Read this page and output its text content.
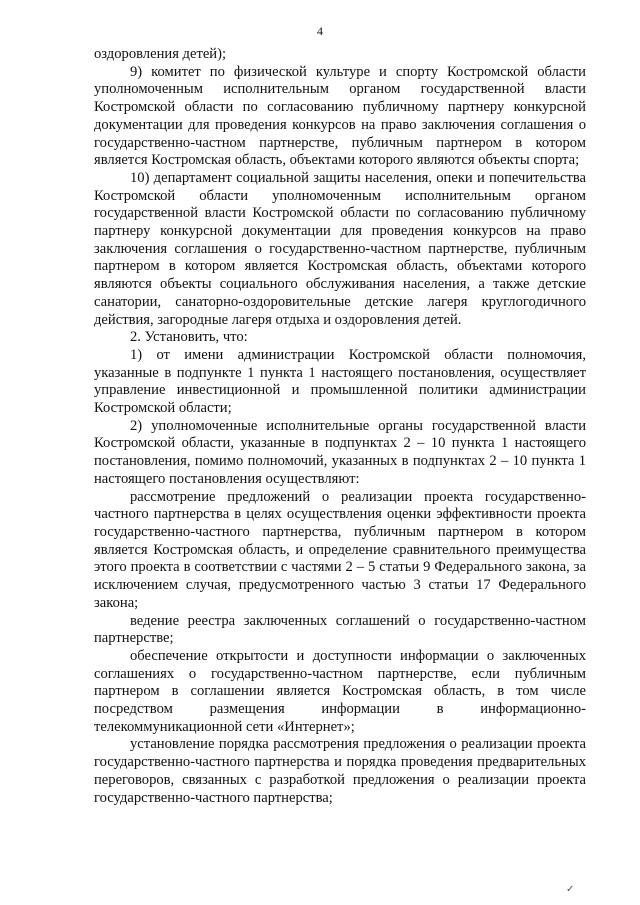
4

оздоровления детей);

9) комитет по физической культуре и спорту Костромской области уполномоченным исполнительным органом государственной власти Костромской области по согласованию публичному партнеру конкурсной документации для проведения конкурсов на право заключения соглашения о государственно-частном партнерстве, публичным партнером в котором является Костромская область, объектами которого являются объекты спорта;

10) департамент социальной защиты населения, опеки и попечительства Костромской области уполномоченным исполнительным органом государственной власти Костромской области по согласованию публичному партнеру конкурсной документации для проведения конкурсов на право заключения соглашения о государственно-частном партнерстве, публичным партнером в котором является Костромская область, объектами которого являются объекты социального обслуживания населения, а также детские санатории, санаторно-оздоровительные детские лагеря круглогодичного действия, загородные лагеря отдыха и оздоровления детей.

2. Установить, что:

1) от имени администрации Костромской области полномочия, указанные в подпункте 1 пункта 1 настоящего постановления, осуществляет управление инвестиционной и промышленной политики администрации Костромской области;

2) уполномоченные исполнительные органы государственной власти Костромской области, указанные в подпунктах 2 – 10 пункта 1 настоящего постановления, помимо полномочий, указанных в подпунктах 2 – 10 пункта 1 настоящего постановления осуществляют:

рассмотрение предложений о реализации проекта государственно-частного партнерства в целях осуществления оценки эффективности проекта государственно-частного партнерства, публичным партнером в котором является Костромская область, и определение сравнительного преимущества этого проекта в соответствии с частями 2 – 5 статьи 9 Федерального закона, за исключением случая, предусмотренного частью 3 статьи 17 Федерального закона;

ведение реестра заключенных соглашений о государственно-частном партнерстве;

обеспечение открытости и доступности информации о заключенных соглашениях о государственно-частном партнерстве, если публичным партнером в соглашении является Костромская область, в том числе посредством размещения информации в информационно-телекоммуникационной сети «Интернет»;

установление порядка рассмотрения предложения о реализации проекта государственно-частного партнерства и порядка проведения предварительных переговоров, связанных с разработкой предложения о реализации проекта государственно-частного партнерства;

✓
